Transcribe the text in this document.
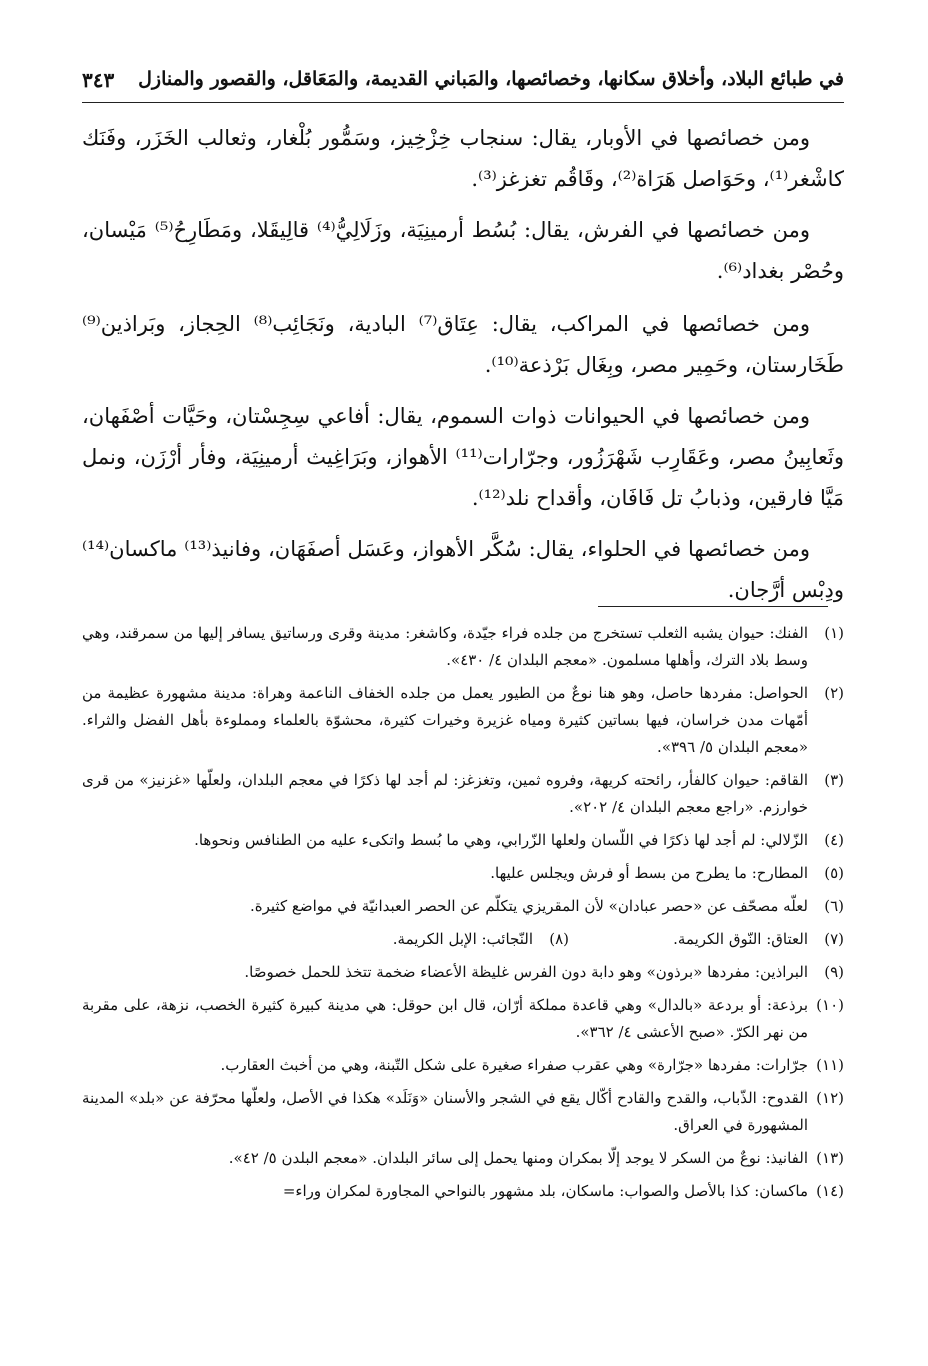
في طبائع البلاد، وأخلاق سكانها، وخصائصها، والمَباني القديمة، والمَعَاقل، والقصور والمنازل
٣٤٣

ومن خصائصها في الأوبار، يقال: سنجاب خِزْخِيز، وسَمُّور بُلْغار، وثعالب الخَزَر، وفَنَك كاشْغر⁽¹⁾، وحَوَاصل هَرَاة⁽²⁾، وقَاقُم تغزغز⁽³⁾.

ومن خصائصها في الفرش، يقال: بُسُط أرمينِيَة، وزَلَالِيُّ⁽⁴⁾ قالِيقَلا، ومَطَارِحُ⁽⁵⁾ مَيْسان، وحُصْر بغداد⁽⁶⁾.

ومن خصائصها في المراكب، يقال: عِتَاق⁽⁷⁾ البادية، ونَجَائِب⁽⁸⁾ الحِجاز، وبَراذين⁽⁹⁾ طَخَارستان، وحَمِير مصر، وبِغَال بَرْذعة⁽¹⁰⁾.

ومن خصائصها في الحيوانات ذوات السموم، يقال: أفاعي سِجِسْتان، وحَيَّات أصْفَهان، وثَعابِينُ مصر، وعَقَارِب شَهْرَزُور، وجرّارات⁽¹¹⁾ الأهواز، وبَرَاغِيث أرمينِيَة، وفأر أرْزَن، ونمل مَيَّا فارقين، وذبابُ تل فَافَان، وأقداح نلد⁽¹²⁾.

ومن خصائصها في الحلواء، يقال: سُكَّر الأهواز، وعَسَل أصفَهَان، وفانيذ⁽¹³⁾ ماكسان⁽¹⁴⁾ ودِبْس أرَّجان.

(١)
الفنك: حيوان يشبه الثعلب تستخرج من جلده فراء جيّدة، وكاشغر: مدينة وقرى ورساتيق يسافر إليها من سمرقند، وهي وسط بلاد الترك، وأهلها مسلمون. «معجم البلدان ٤/ ٤٣٠».
(٢)
الحواصل: مفردها حاصل، وهو هنا نوعٌ من الطيور يعمل من جلده الخفاف الناعمة وهراة: مدينة مشهورة عظيمة من أمّهات مدن خراسان، فيها بساتين كثيرة ومياه غزيرة وخيرات كثيرة، محشوّة بالعلماء ومملوءة بأهل الفضل والثراء. «معجم البلدان ٥/ ٣٩٦».
(٣)
القاقم: حيوان كالفأر، رائحته كريهة، وفروه ثمين، وتغزغز: لم أجد لها ذكرًا في معجم البلدان، ولعلّها «غزنيز» من قرى خوارزم. «راجع معجم البلدان ٤/ ٢٠٢».
(٤)
الزّلالي: لم أجد لها ذكرًا في اللّسان ولعلها الزّرابي، وهي ما بُسط واتكىء عليه من الطنافس ونحوها.
(٥)
المطارح: ما يطرح من بسط أو فرش ويجلس عليها.
(٦)
لعلّه مصحّف عن «حصر عبادان» لأن المقريزي يتكلّم عن الحصر العبدانيّة في مواضع كثيرة.
(٧)
العتاق: النّوق الكريمة.
(٨)
النّجائب: الإبل الكريمة.
(٩)
البراذين: مفردها «برذون» وهو دابة دون الفرس غليظة الأعضاء ضخمة تتخذ للحمل خصوصًا.
(١٠)
برذعة: أو بردعة «بالدال» وهي قاعدة مملكة أرّان، قال ابن حوقل: هي مدينة كبيرة كثيرة الخصب، نزهة، على مقربة من نهر الكرّ. «صبح الأعشى ٤/ ٣٦٢».
(١١)
جرّارات: مفردها «جرّارة» وهي عقرب صفراء صغيرة على شكل التّبنة، وهي من أخبث العقارب.
(١٢)
القدوح: الذّباب، والقدح والقادح أكّال يقع في الشجر والأسنان «وَنَلَد» هكذا في الأصل، ولعلّها محرّفة عن «بلد» المدينة المشهورة في العراق.
(١٣)
الفانيذ: نوعٌ من السكر لا يوجد إلّا بمكران ومنها يحمل إلى سائر البلدان. «معجم البلدن ٥/ ٤٢».
(١٤)
ماكسان: كذا بالأصل والصواب: ماسكان، بلد مشهور بالنواحي المجاورة لمكران وراء=
